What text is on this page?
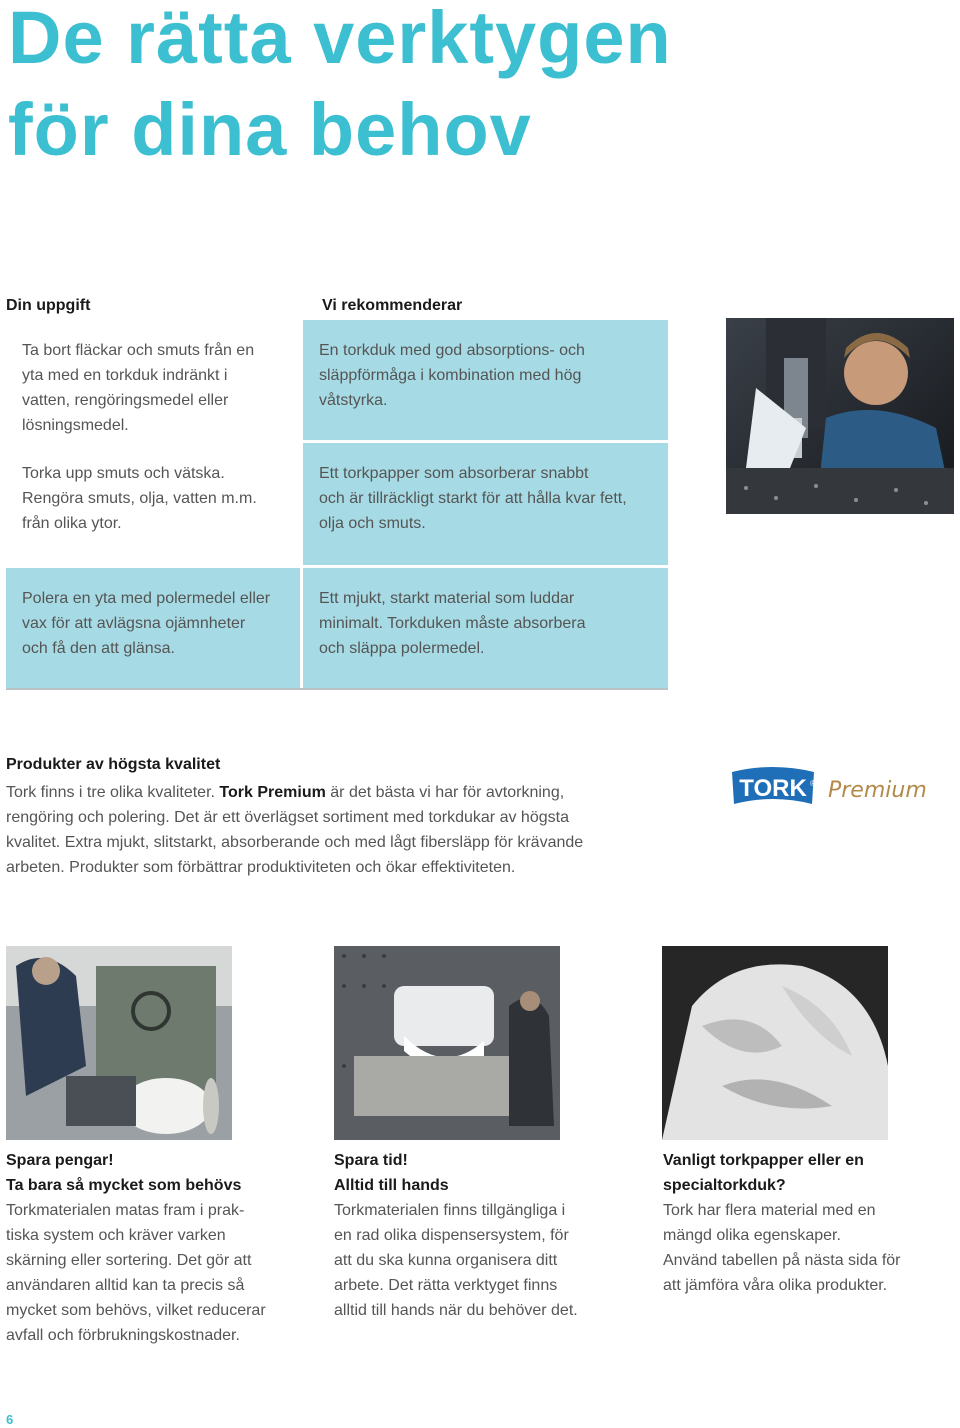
De rätta verktygen
för dina behov
Din uppgift	Vi rekommenderar
Ta bort fläckar och smuts från en
yta med en torkduk indränkt i
vatten, rengöringsmedel eller
lösningsmedel.
En torkduk med god absorptions- och
släppförmåga i kombination med hög
våtstyrka.
Torka upp smuts och vätska.
Rengöra smuts, olja, vatten m.m.
från olika ytor.
Ett torkpapper som absorberar snabbt
och är tillräckligt starkt för att hålla kvar fett,
olja och smuts.
Polera en yta med polermedel eller
vax för att avlägsna ojämnheter
och få den att glänsa.
Ett mjukt, starkt material som luddar
minimalt. Torkduken måste absorbera
och släppa polermedel.
Produkter av högsta kvalitet
Tork finns i tre olika kvaliteter. Tork Premium är det bästa vi har för avtorkning,
rengöring och polering. Det är ett överlägset sortiment med torkdukar av högsta
kvalitet. Extra mjukt, slitstarkt, absorberande och med lågt fibersläpp för krävande
arbeten. Produkter som förbättrar produktiviteten och ökar effektiviteten.
TORK ® Premium
Spara pengar!
Ta bara så mycket som behövs
Torkmaterialen matas fram i prak-
tiska system och kräver varken
skärning eller sortering. Det gör att
användaren alltid kan ta precis så
mycket som behövs, vilket reducerar
avfall och förbrukningskostnader.
Spara tid!
Alltid till hands
Torkmaterialen finns tillgängliga i
en rad olika dispensersystem, för
att du ska kunna organisera ditt
arbete. Det rätta verktyget finns
alltid till hands när du behöver det.
Vanligt torkpapper eller en
specialtorkduk?
Tork har flera material med en
mängd olika egenskaper.
Använd tabellen på nästa sida för
att jämföra våra olika produkter.
6
